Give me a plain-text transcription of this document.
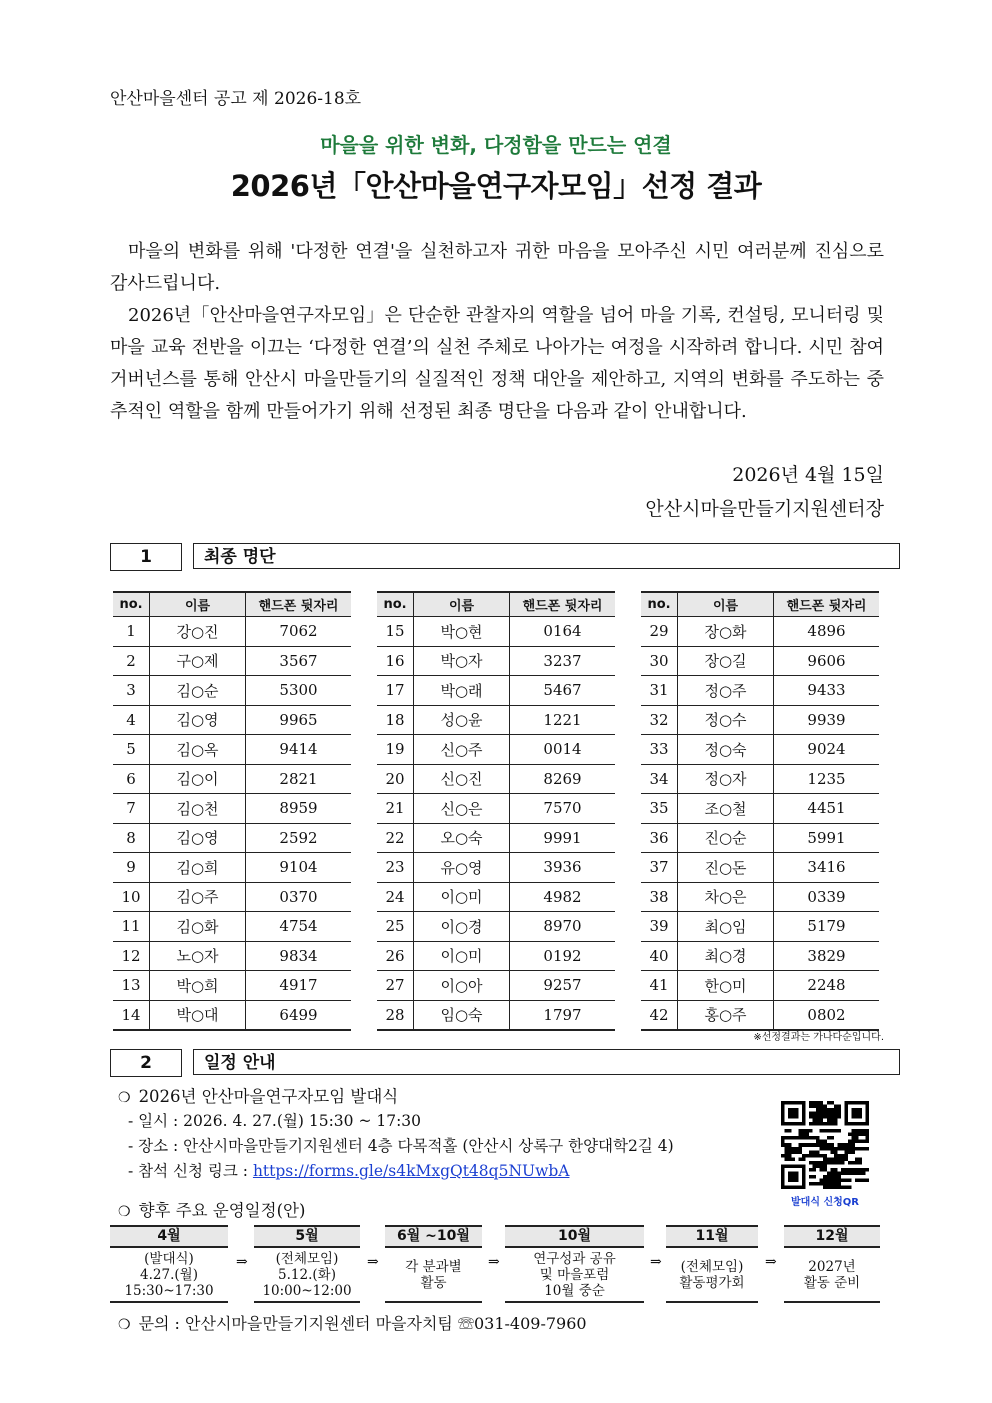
안산마을센터 공고 제 2026-18호
마을을 위한 변화, 다정함을 만드는 연결
2026년「안산마을연구자모임」선정 결과

마을의 변화를 위해 '다정한 연결'을 실천하고자 귀한 마음을 모아주신 시민 여러분께 진심으로 감사드립니다.

2026년「안산마을연구자모임」은 단순한 관찰자의 역할을 넘어 마을 기록, 컨설팅, 모니터링 및 마을 교육 전반을 이끄는 ‘다정한 연결’의 실천 주체로 나아가는 여정을 시작하려 합니다. 시민 참여 거버넌스를 통해 안산시 마을만들기의 실질적인 정책 대안을 제안하고, 지역의 변화를 주도하는 중추적인 역할을 함께 만들어가기 위해 선정된 최종 명단을 다음과 같이 안내합니다.

2026년 4월 15일
안산시마을만들기지원센터장
1	최종 명단
no.	이름	핸드폰 뒷자리
1	강○진	7062
2	구○제	3567
3	김○순	5300
4	김○영	9965
5	김○옥	9414
6	김○이	2821
7	김○천	8959
8	김○영	2592
9	김○희	9104
10	김○주	0370
11	김○화	4754
12	노○자	9834
13	박○희	4917
14	박○대	6499
no.	이름	핸드폰 뒷자리
15	박○현	0164
16	박○자	3237
17	박○래	5467
18	성○윤	1221
19	신○주	0014
20	신○진	8269
21	신○은	7570
22	오○숙	9991
23	유○영	3936
24	이○미	4982
25	이○경	8970
26	이○미	0192
27	이○아	9257
28	임○숙	1797
no.	이름	핸드폰 뒷자리
29	장○화	4896
30	장○길	9606
31	정○주	9433
32	정○수	9939
33	정○숙	9024
34	정○자	1235
35	조○철	4451
36	진○순	5991
37	진○돈	3416
38	차○은	0339
39	최○임	5179
40	최○경	3829
41	한○미	2248
42	홍○주	0802
※선정결과는 가나다순입니다.
2	일정 안내
❍ 2026년 안산마을연구자모임 발대식
- 일시 : 2026. 4. 27.(월) 15:30 ~ 17:30
- 장소 : 안산시마을만들기지원센터 4층 다목적홀 (안산시 상록구 한양대학2길 4)
- 참석 신청 링크 : https://forms.gle/s4kMxgQt48q5NUwbA
발대식 신청QR
❍ 향후 주요 운영일정(안)
4월
(발대식)
4.27.(월)
15:30~17:30
⇒
5월
(전체모임)
5.12.(화)
10:00~12:00
⇒
6월 ~10월
각 분과별
활동
⇒
10월
연구성과 공유
및 마을포럼
10월 중순
⇒
11월
(전체모임)
활동평가회
⇒
12월
2027년
활동 준비
❍ 문의 : 안산시마을만들기지원센터 마을자치팀 ☏031-409-7960
